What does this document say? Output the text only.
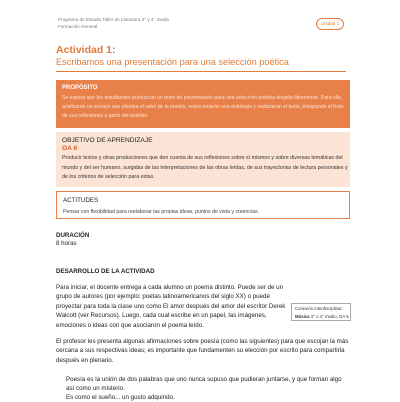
Programa de Estudio Taller de Literatura 3° y 4° medio
Formación General
Unidad 1
Actividad 1:
Escribamos una presentación para una selección poética
PROPÓSITO
Se espera que los estudiantes produzcan un texto de presentación para una selección poética elegida libremente. Para ello, analizarán un ensayo que plantea el valor de la poesía, seleccionarán una antología y redactarán el texto, integrando el fruto de sus reflexiones a partir del análisis.
OBJETIVO DE APRENDIZAJE
OA 6
Producir textos y otras producciones que den cuenta de sus reflexiones sobre sí mismos y sobre diversas temáticas del mundo y del ser humano, surgidas de las interpretaciones de las obras leídas, de sus trayectorias de lectura personales y de los criterios de selección para estas.
ACTITUDES
Pensar con flexibilidad para reelaborar las propias ideas, puntos de vista y creencias.
DURACIÓN
8 horas
DESARROLLO DE LA ACTIVIDAD
Para iniciar, el docente entrega a cada alumno un poema distinto. Puede ser de un grupo de autores (por ejemplo: poetas latinoamericanos del siglo XX) o puede proyectar para toda la clase uno como El amor después del amor del escritor Derek Walcott (ver Recursos). Luego, cada cual escribe en un papel, las imágenes, emociones o ideas con que asociaron el poema leído.
Conexión interdisciplinar:
Música 3° o 4° medio, OA 5
El profesor les presenta algunas afirmaciones sobre poesía (como las siguientes) para que escojan la más cercana a sus respectivas ideas; es importante que fundamenten su elección por escrito para compartirla después en plenario.
Poesía es la unión de dos palabras que uno nunca supuso que pudieran juntarse, y que forman algo así como un misterio.
Es como el sueño... un gusto adquirido.
